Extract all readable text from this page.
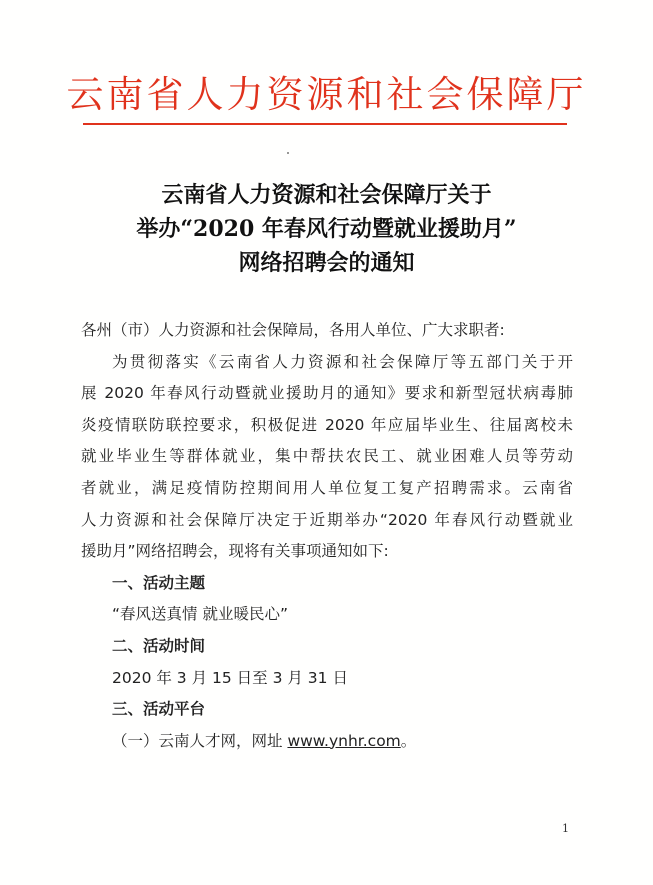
云南省人力资源和社会保障厅
云南省人力资源和社会保障厅关于
举办“2020 年春风行动暨就业援助月”
网络招聘会的通知
各州（市）人力资源和社会保障局，各用人单位、广大求职者:
为贯彻落实《云南省人力资源和社会保障厅等五部门关于开
展 2020 年春风行动暨就业援助月的通知》要求和新型冠状病毒肺
炎疫情联防联控要求，积极促进 2020 年应届毕业生、往届离校未
就业毕业生等群体就业，集中帮扶农民工、就业困难人员等劳动
者就业，满足疫情防控期间用人单位复工复产招聘需求。云南省
人力资源和社会保障厅决定于近期举办“2020 年春风行动暨就业
援助月”网络招聘会，现将有关事项通知如下:
一、活动主题
“春风送真情 就业暖民心”
二、活动时间
2020 年 3 月 15 日至 3 月 31 日
三、活动平台
（一）云南人才网，网址 www.ynhr.com。
1
